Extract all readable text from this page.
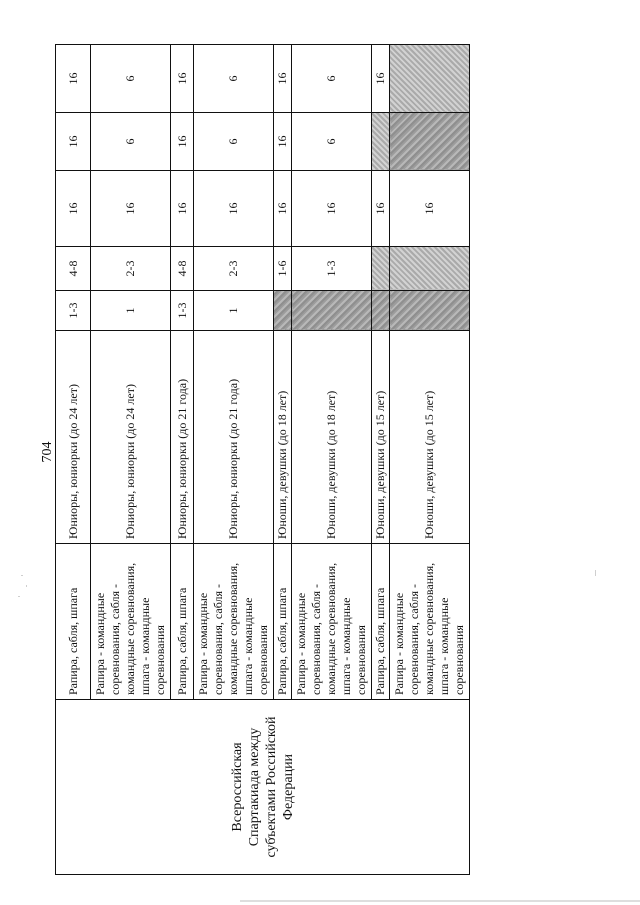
704
Всероссийская Спартакиада между субъектами Российской Федерации	Рапира, сабля, шпага	Юниоры, юниорки (до 24 лет)	1-3	4-8	16	16	16
	Рапира - командные соревнования, сабля - командные соревнования, шпага - командные соревнования	Юниоры, юниорки (до 24 лет)	1	2-3	16	6	6
	Рапира, сабля, шпага	Юниоры, юниорки (до 21 года)	1-3	4-8	16	16	16
	Рапира - командные соревнования, сабля - командные соревнования, шпага - командные соревнования	Юниоры, юниорки (до 21 года)	1	2-3	16	6	6
	Рапира, сабля, шпага	Юноши, девушки (до 18 лет)		1-6	16	16	16
	Рапира - командные соревнования, сабля - командные соревнования, шпага - командные соревнования	Юноши, девушки (до 18 лет)		1-3	16	6	6
	Рапира, сабля, шпага	Юноши, девушки (до 15 лет)			16		16
	Рапира - командные соревнования, сабля - командные соревнования, шпага - командные соревнования	Юноши, девушки (до 15 лет)			16		
